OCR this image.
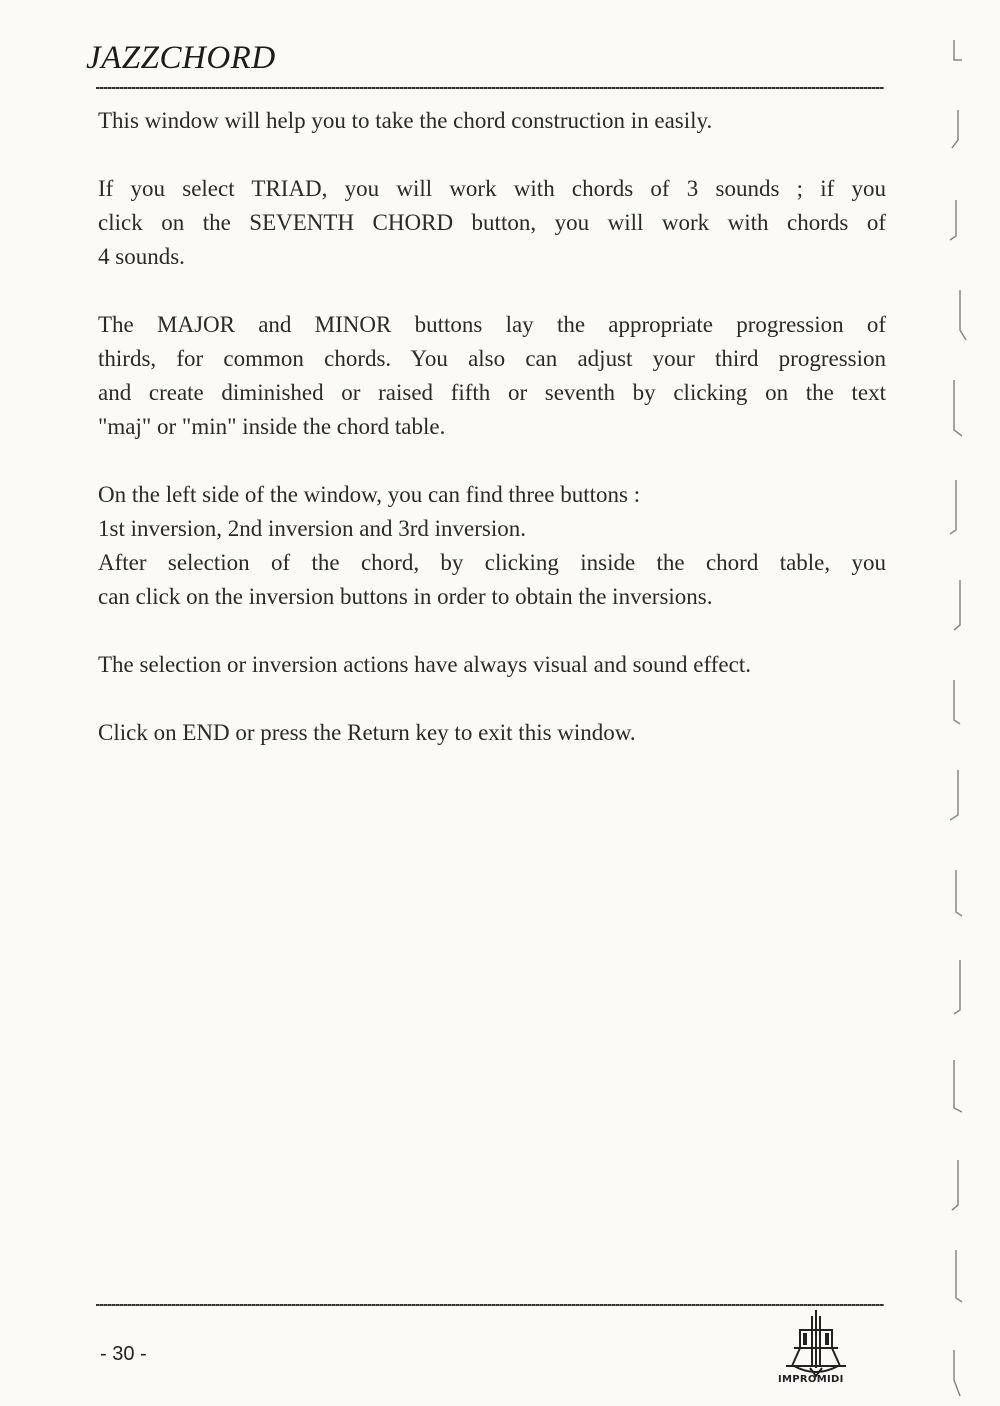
JAZZCHORD

This window will help you to take the chord construction in easily.

If you select TRIAD, you will work with chords of 3 sounds ; if you
click on the SEVENTH CHORD button, you will work with chords of
4 sounds.

The MAJOR and MINOR buttons lay the appropriate progression of
thirds, for common chords. You also can adjust your third progression
and create diminished or raised fifth or seventh by clicking on the text
"maj" or "min" inside the chord table.

On the left side of the window, you can find three buttons :
1st inversion, 2nd inversion and 3rd inversion.
After selection of the chord, by clicking inside the chord table, you
can click on the inversion buttons in order to obtain the inversions.

The selection or inversion actions have always visual and sound effect.

Click on END or press the Return key to exit this window.

- 30 -
IMPROMIDI
